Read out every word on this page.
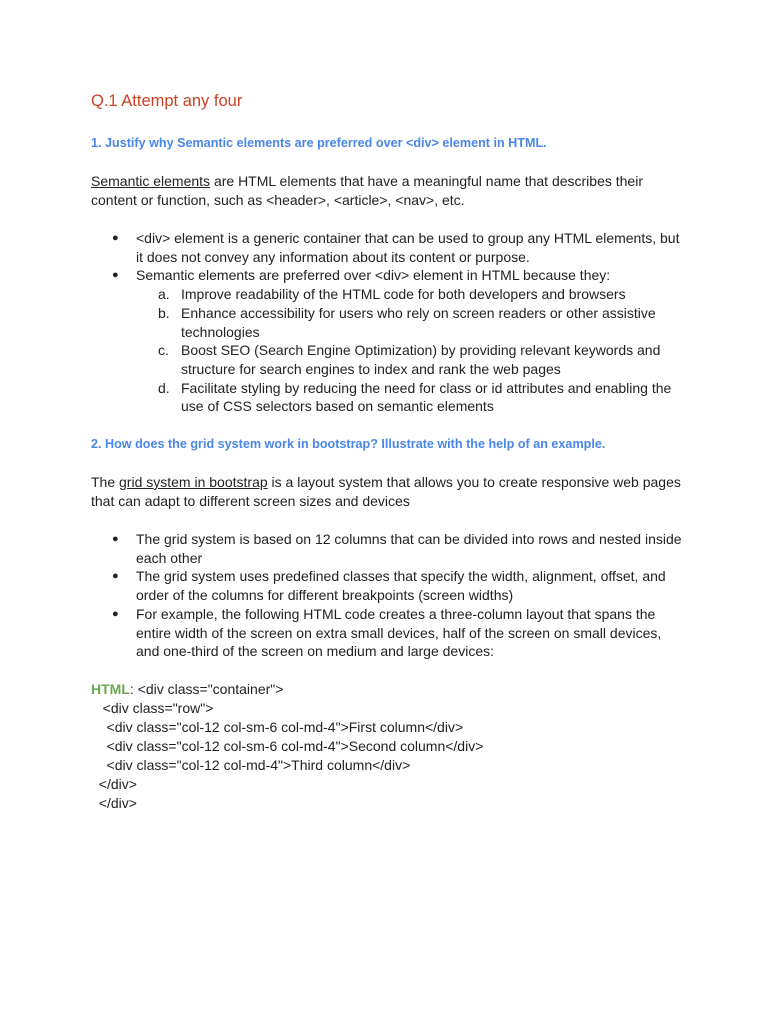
Q.1 Attempt any four

1. Justify why Semantic elements are preferred over <div> element in HTML.

Semantic elements are HTML elements that have a meaningful name that describes their content or function, such as <header>, <article>, <nav>, etc.

● <div> element is a generic container that can be used to group any HTML elements, but it does not convey any information about its content or purpose.
● Semantic elements are preferred over <div> element in HTML because they:
a. Improve readability of the HTML code for both developers and browsers
b. Enhance accessibility for users who rely on screen readers or other assistive technologies
c. Boost SEO (Search Engine Optimization) by providing relevant keywords and structure for search engines to index and rank the web pages
d. Facilitate styling by reducing the need for class or id attributes and enabling the use of CSS selectors based on semantic elements

2. How does the grid system work in bootstrap? Illustrate with the help of an example.

The grid system in bootstrap is a layout system that allows you to create responsive web pages that can adapt to different screen sizes and devices

● The grid system is based on 12 columns that can be divided into rows and nested inside each other
● The grid system uses predefined classes that specify the width, alignment, offset, and order of the columns for different breakpoints (screen widths)
● For example, the following HTML code creates a three-column layout that spans the entire width of the screen on extra small devices, half of the screen on small devices, and one-third of the screen on medium and large devices:
HTML: <div class="container">
<div class="row">
<div class="col-12 col-sm-6 col-md-4">First column</div>
<div class="col-12 col-sm-6 col-md-4">Second column</div>
<div class="col-12 col-md-4">Third column</div>
</div>
</div>
